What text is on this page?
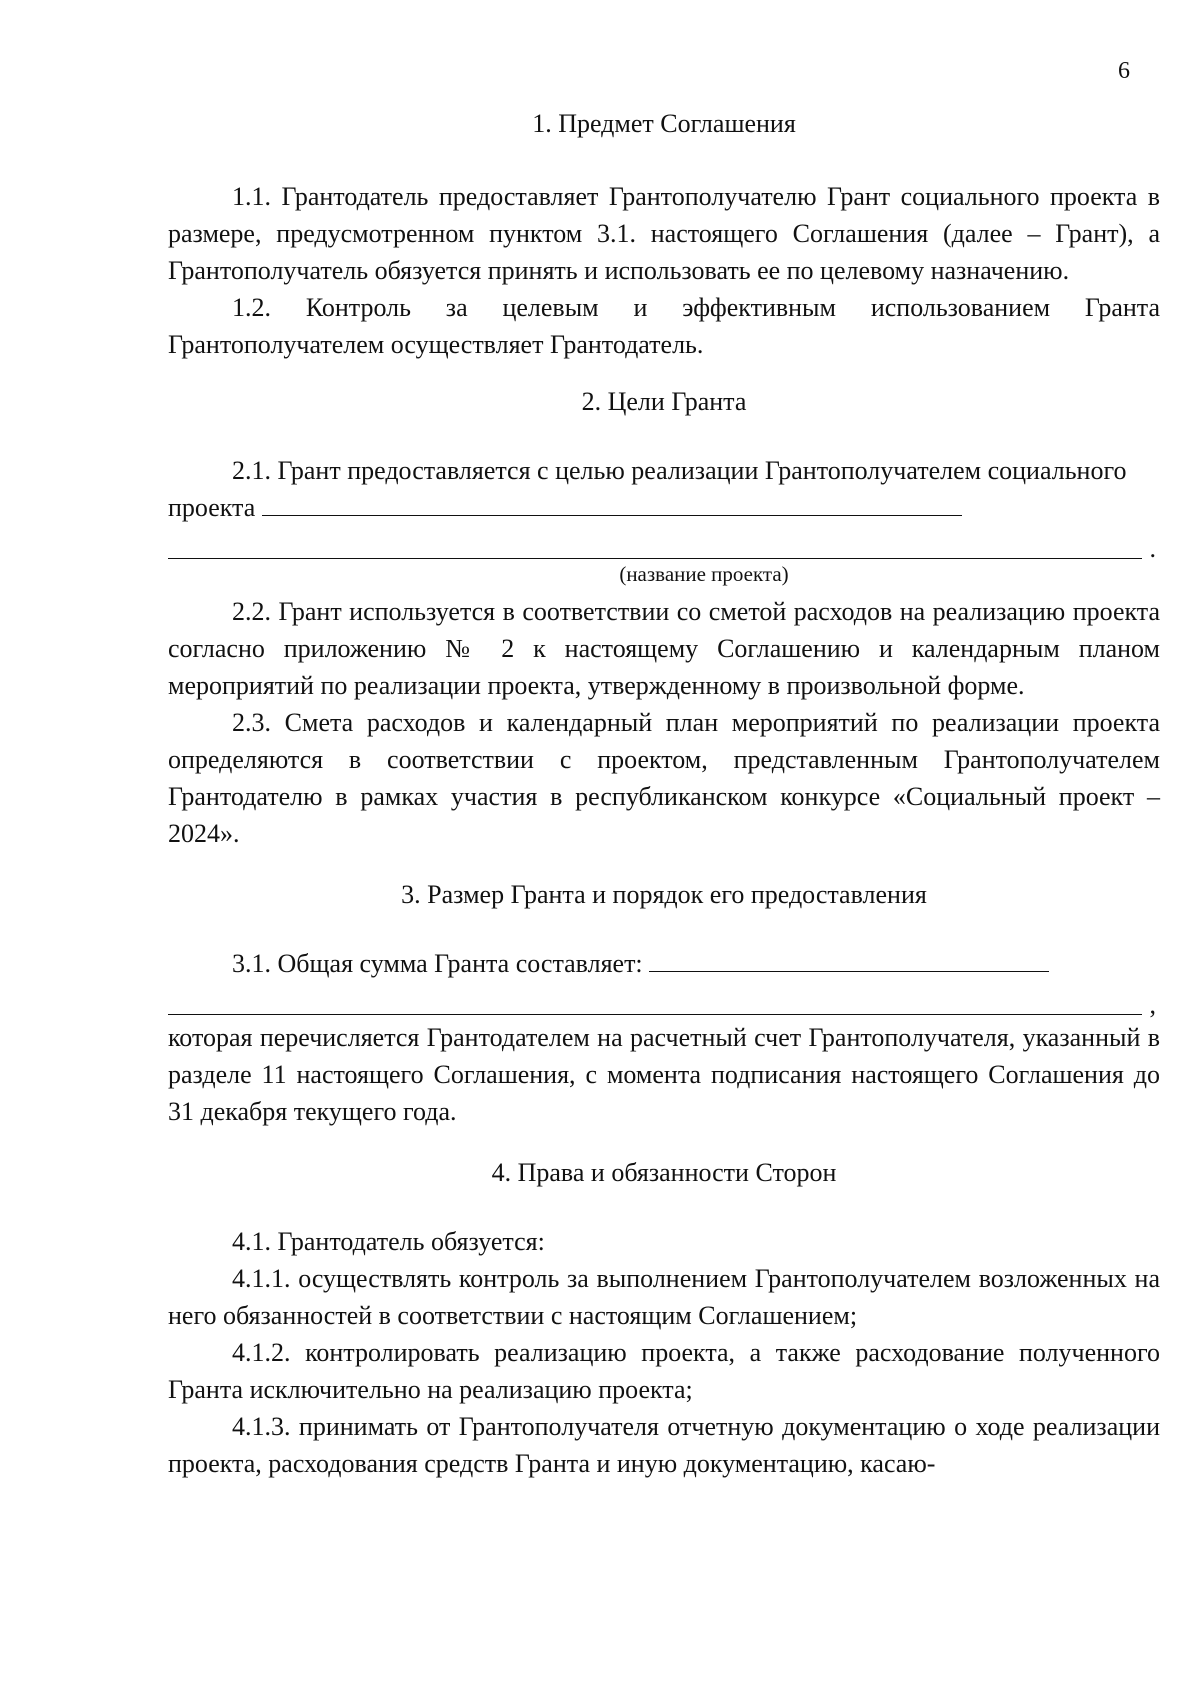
6
1. Предмет Соглашения

1.1. Грантодатель предоставляет Грантополучателю Грант социального проекта в размере, предусмотренном пунктом 3.1. настоящего Соглашения (далее – Грант), а Грантополучатель обязуется принять и использовать ее по целевому назначению.

1.2. Контроль за целевым и эффективным использованием Гранта Грантополучателем осуществляет Грантодатель.

2. Цели Гранта

2.1. Грант предоставляется с целью реализации Грантополучателем социального проекта

.
(название проекта)

2.2. Грант используется в соответствии со сметой расходов на реализацию проекта согласно приложению № 2 к настоящему Соглашению и календарным планом мероприятий по реализации проекта, утвержденному в произвольной форме.

2.3. Смета расходов и календарный план мероприятий по реализации проекта определяются в соответствии с проектом, представленным Грантополучателем Грантодателю в рамках участия в республиканском конкурсе «Социальный проект – 2024».

3. Размер Гранта и порядок его предоставления

3.1. Общая сумма Гранта составляет:

,

которая перечисляется Грантодателем на расчетный счет Грантополучателя, указанный в разделе 11 настоящего Соглашения, с момента подписания настоящего Соглашения до 31 декабря текущего года.

4. Права и обязанности Сторон

4.1. Грантодатель обязуется:

4.1.1. осуществлять контроль за выполнением Грантополучателем возложенных на него обязанностей в соответствии с настоящим Соглашением;

4.1.2. контролировать реализацию проекта, а также расходование полученного Гранта исключительно на реализацию проекта;

4.1.3. принимать от Грантополучателя отчетную документацию о ходе реализации проекта, расходования средств Гранта и иную документацию, касаю-
